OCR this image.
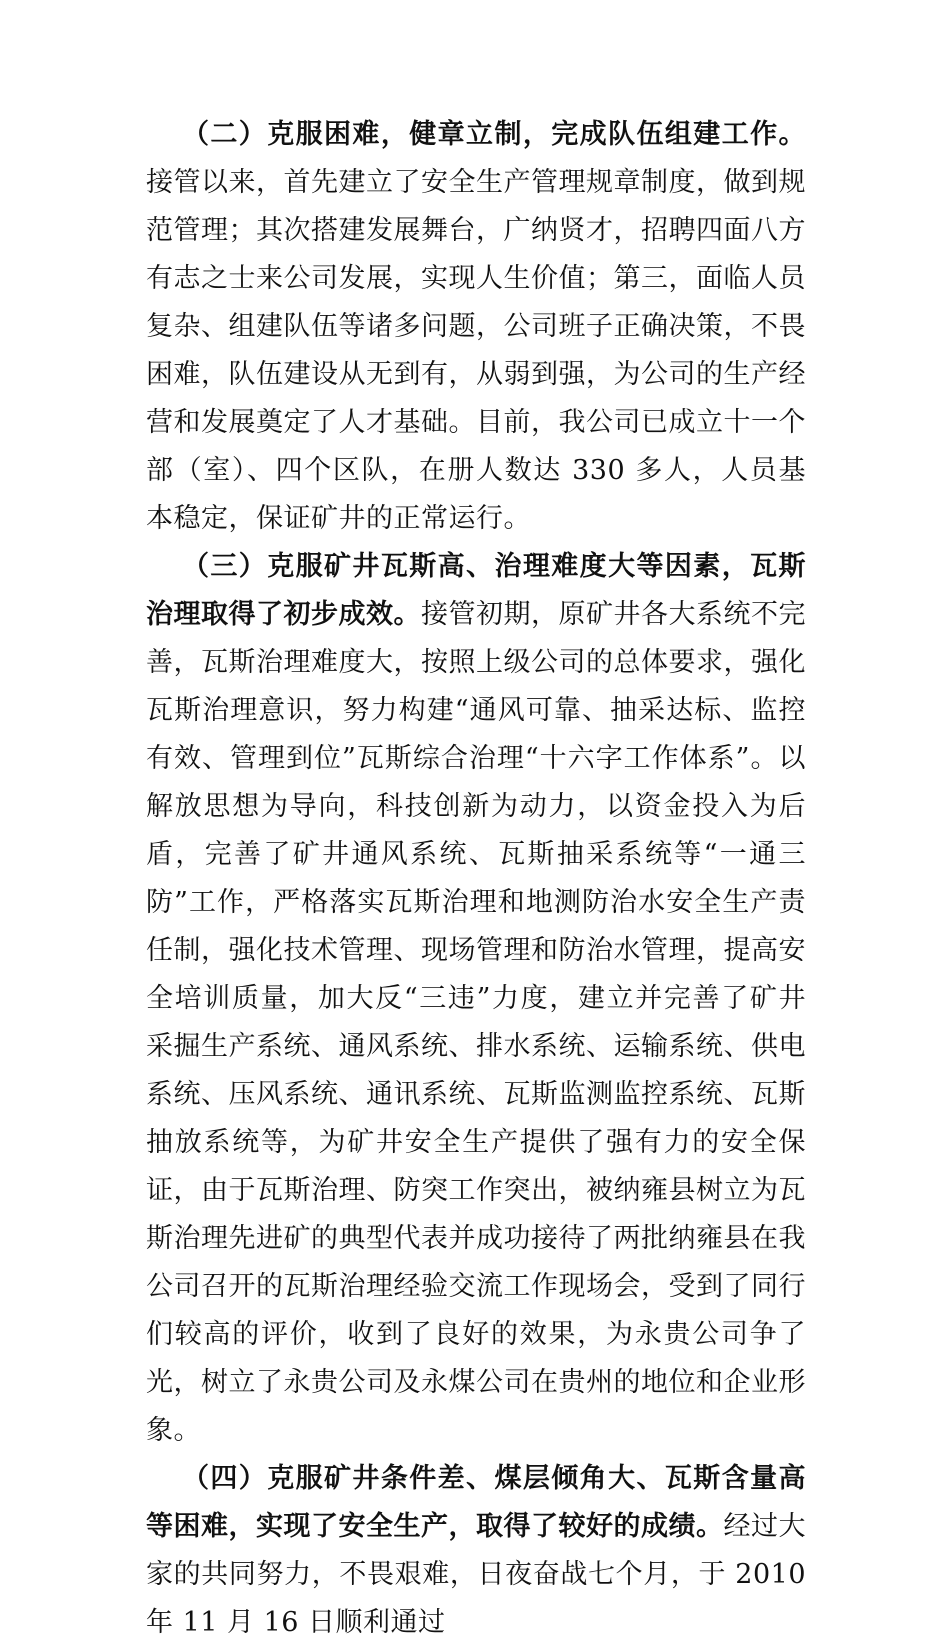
（二）克服困难，健章立制，完成队伍组建工作。接管以来，首先建立了安全生产管理规章制度，做到规范管理；其次搭建发展舞台，广纳贤才，招聘四面八方有志之士来公司发展，实现人生价值；第三，面临人员复杂、组建队伍等诸多问题，公司班子正确决策，不畏困难，队伍建设从无到有，从弱到强，为公司的生产经营和发展奠定了人才基础。目前，我公司已成立十一个部（室）、四个区队，在册人数达 330 多人，人员基本稳定，保证矿井的正常运行。

（三）克服矿井瓦斯高、治理难度大等因素，瓦斯治理取得了初步成效。接管初期，原矿井各大系统不完善，瓦斯治理难度大，按照上级公司的总体要求，强化瓦斯治理意识，努力构建“通风可靠、抽采达标、监控有效、管理到位”瓦斯综合治理“十六字工作体系”。以解放思想为导向，科技创新为动力，以资金投入为后盾，完善了矿井通风系统、瓦斯抽采系统等“一通三防”工作，严格落实瓦斯治理和地测防治水安全生产责任制，强化技术管理、现场管理和防治水管理，提高安全培训质量，加大反“三违”力度，建立并完善了矿井采掘生产系统、通风系统、排水系统、运输系统、供电系统、压风系统、通讯系统、瓦斯监测监控系统、瓦斯抽放系统等，为矿井安全生产提供了强有力的安全保证，由于瓦斯治理、防突工作突出，被纳雍县树立为瓦斯治理先进矿的典型代表并成功接待了两批纳雍县在我公司召开的瓦斯治理经验交流工作现场会，受到了同行们较高的评价，收到了良好的效果，为永贵公司争了光，树立了永贵公司及永煤公司在贵州的地位和企业形象。

（四）克服矿井条件差、煤层倾角大、瓦斯含量高等困难，实现了安全生产，取得了较好的成绩。经过大家的共同努力，不畏艰难，日夜奋战七个月，于 2010 年 11 月 16 日顺利通过
